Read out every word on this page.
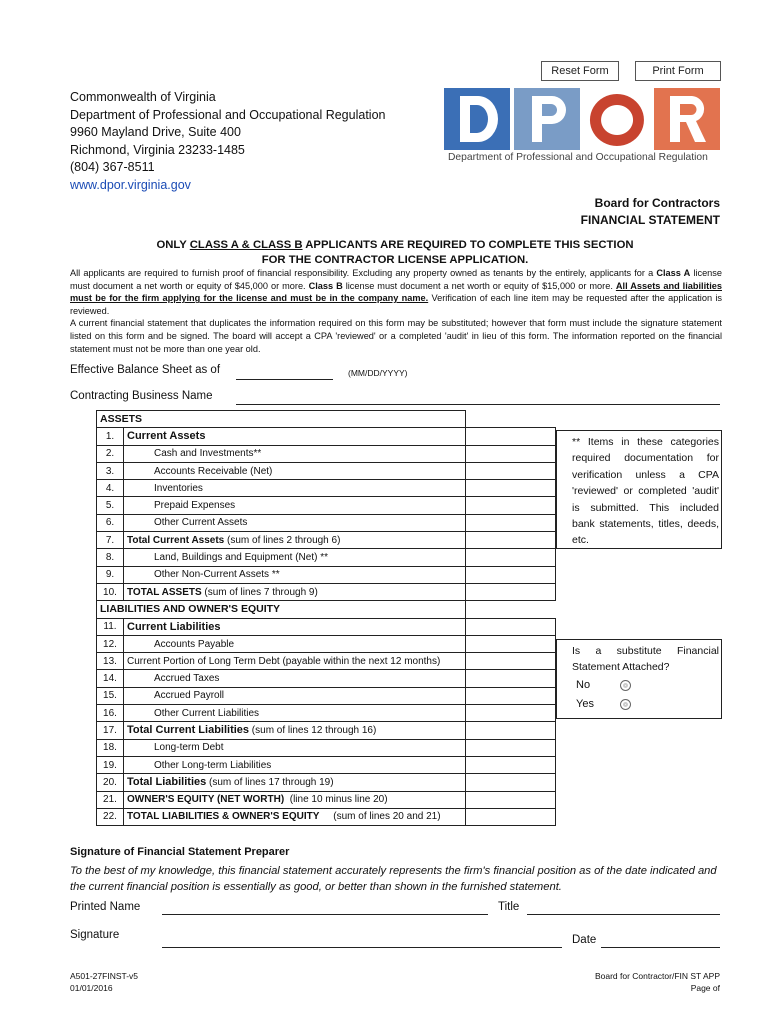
Reset Form	Print Form
Commonwealth of Virginia
Department of Professional and Occupational Regulation
9960 Mayland Drive, Suite 400
Richmond, Virginia 23233-1485
(804) 367-8511
www.dpor.virginia.gov
Department of Professional and Occupational Regulation
Board for Contractors
FINANCIAL STATEMENT
ONLY CLASS A & CLASS B APPLICANTS ARE REQUIRED TO COMPLETE THIS SECTION
FOR THE CONTRACTOR LICENSE APPLICATION.

All applicants are required to furnish proof of financial responsibility. Excluding any property owned as tenants by the entirely, applicants for a Class A license must document a net worth or equity of $45,000 or more. Class B license must document a net worth or equity of $15,000 or more. All Assets and liabilities must be for the firm applying for the license and must be in the company name. Verification of each line item may be requested after the application is reviewed.

A current financial statement that duplicates the information required on this form may be substituted; however that form must include the signature statement listed on this form and be signed. The board will accept a CPA 'reviewed' or a completed 'audit' in lieu of this form. The information reported on the financial statement must not be more than one year old.

Effective Balance Sheet as of	(MM/DD/YYYY)
Contracting Business Name
ASSETS		
1.	Current Assets	
2.	Cash and Investments**	
3.	Accounts Receivable (Net)	
4.	Inventories	
5.	Prepaid Expenses	
6.	Other Current Assets	
7.	Total Current Assets (sum of lines 2 through 6)	
8.	Land, Buildings and Equipment (Net) **	
9.	Other Non-Current Assets **	
10.	TOTAL ASSETS (sum of lines 7 through 9)	
LIABILITIES AND OWNER'S EQUITY		
11.	Current Liabilities	
12.	Accounts Payable	
13.	Current Portion of Long Term Debt (payable within the next 12 months)	
14.	Accrued Taxes	
15.	Accrued Payroll	
16.	Other Current Liabilities	
17.	Total Current Liabilities (sum of lines 12 through 16)	
18.	Long-term Debt	
19.	Other Long-term Liabilities	
20.	Total Liabilities (sum of lines 17 through 19)	
21.	OWNER'S EQUITY (NET WORTH)  (line 10 minus line 20)	
22.	TOTAL LIABILITIES & OWNER'S EQUITY     (sum of lines 20 and 21)	
** Items in these categories required documentation for verification unless a CPA 'reviewed' or completed 'audit' is submitted. This included bank statements, titles, deeds, etc.
Is a substitute Financial Statement Attached?
No
Yes
Signature of Financial Statement Preparer
To the best of my knowledge, this financial statement accurately represents the firm's financial position as of the date indicated and the current financial position is essentially as good, or better than shown in the furnished statement.
Printed Name	Title
Signature	Date
A501-27FINST-v5
01/01/2016
Board for Contractor/FIN ST APP
Page of
